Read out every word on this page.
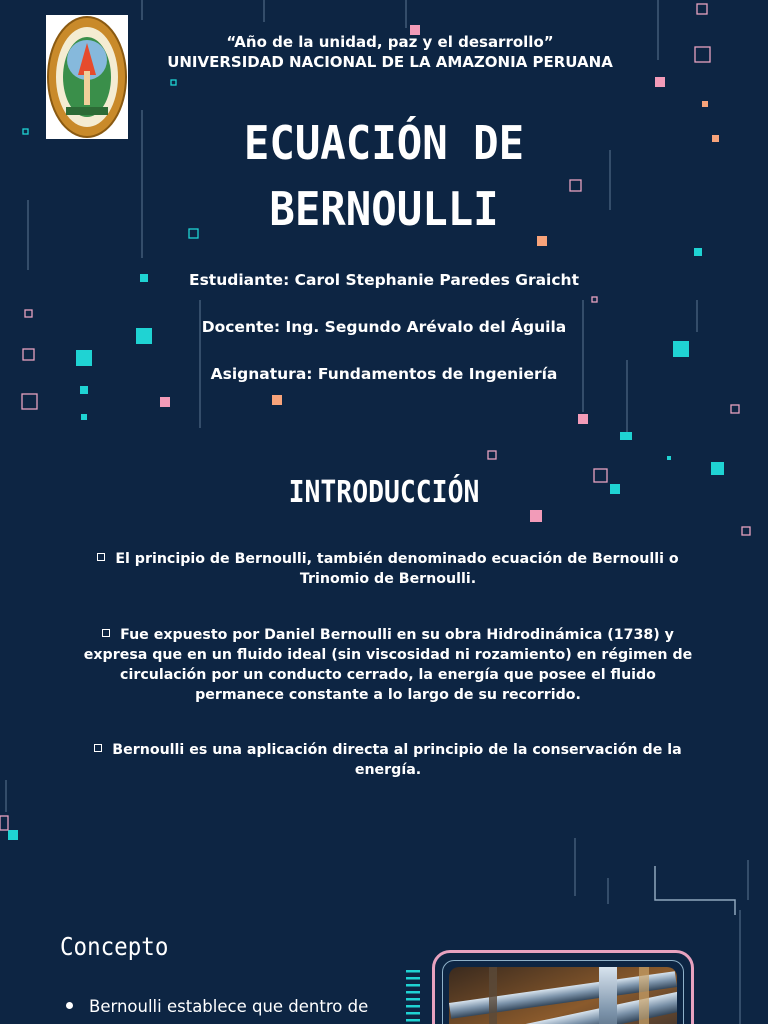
“Año de la unidad, paz y el desarrollo”
UNIVERSIDAD NACIONAL DE LA AMAZONIA PERUANA
ECUACIÓN DE
BERNOULLI
Estudiante: Carol Stephanie Paredes Graicht
Docente: Ing. Segundo Arévalo del Águila
Asignatura: Fundamentos de Ingeniería
INTRODUCCIÓN
El principio de Bernoulli, también denominado ecuación de Bernoulli o Trinomio de Bernoulli.
Fue expuesto por Daniel Bernoulli en su obra Hidrodinámica (1738) y expresa que en un fluido ideal (sin viscosidad ni rozamiento) en régimen de circulación por un conducto cerrado, la energía que posee el fluido permanece constante a lo largo de su recorrido.
Bernoulli es una aplicación directa al principio de la conservación de la energía.
Concepto
Bernoulli establece que dentro de
